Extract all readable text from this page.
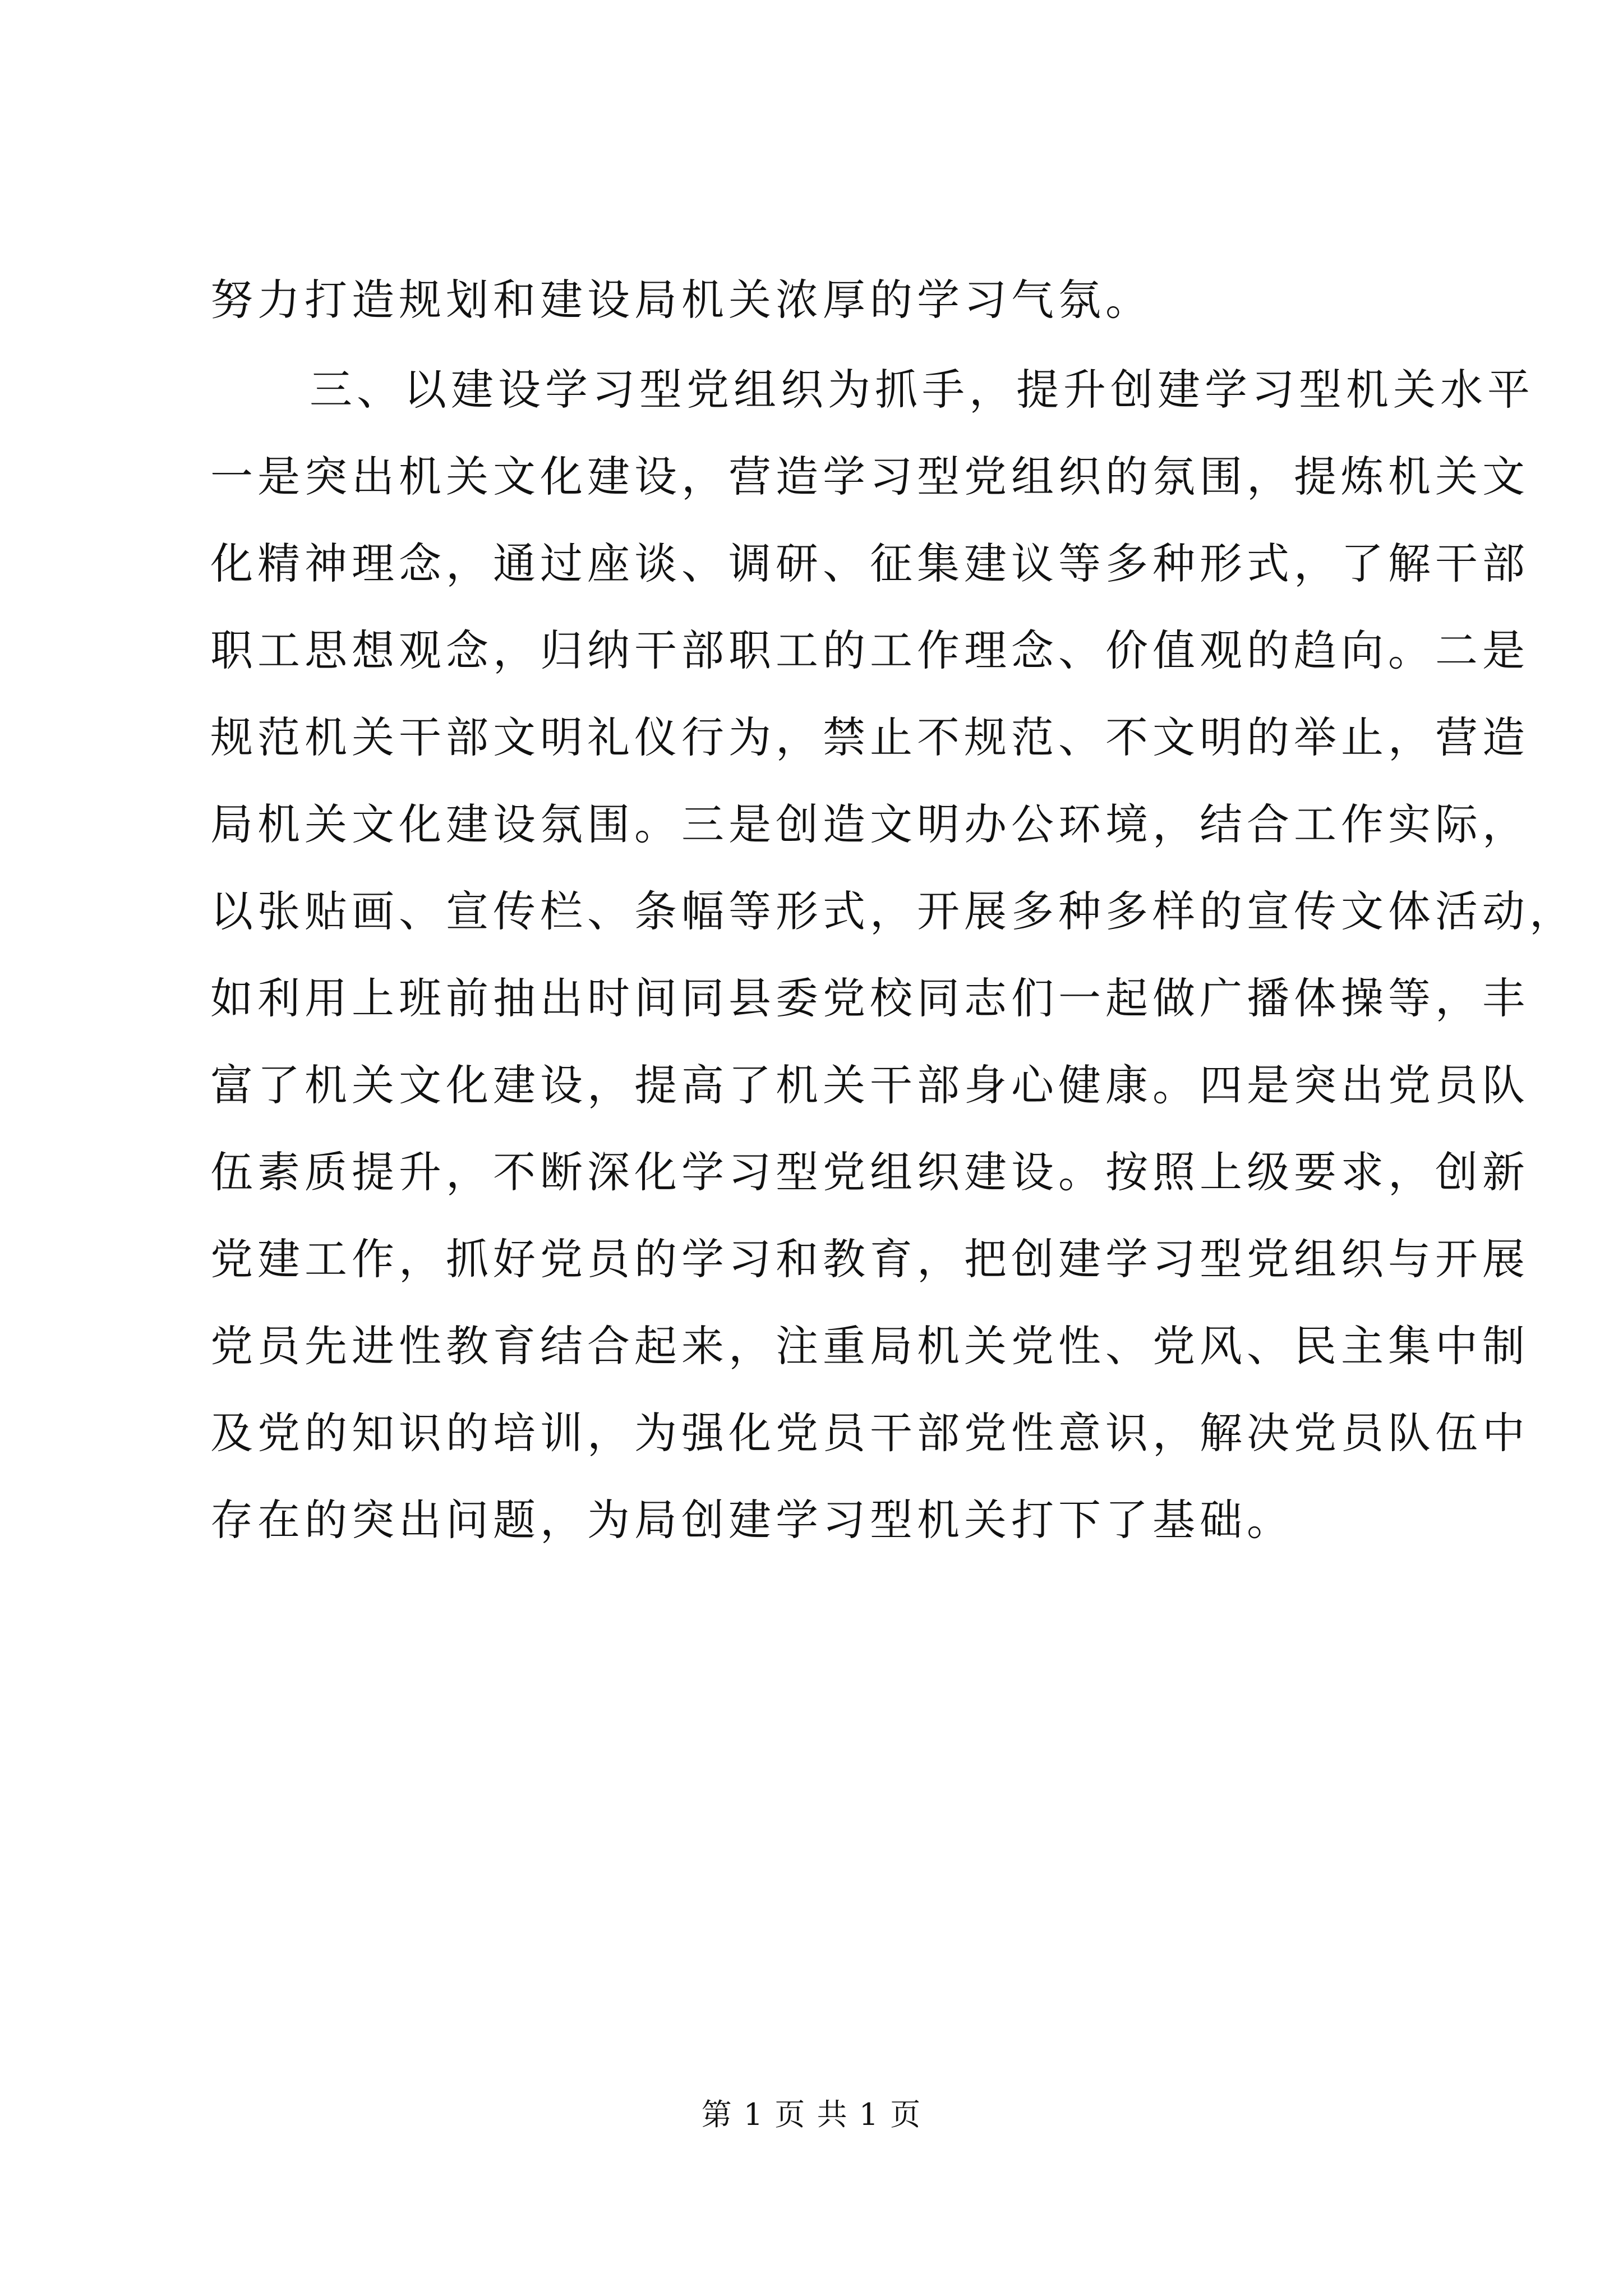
努力打造规划和建设局机关浓厚的学习气氛。
三、以建设学习型党组织为抓手，提升创建学习型机关水平
一是突出机关文化建设，营造学习型党组织的氛围，提炼机关文
化精神理念，通过座谈、调研、征集建议等多种形式，了解干部
职工思想观念，归纳干部职工的工作理念、价值观的趋向。二是
规范机关干部文明礼仪行为，禁止不规范、不文明的举止，营造
局机关文化建设氛围。三是创造文明办公环境，结合工作实际，
以张贴画、宣传栏、条幅等形式，开展多种多样的宣传文体活动，
如利用上班前抽出时间同县委党校同志们一起做广播体操等，丰
富了机关文化建设，提高了机关干部身心健康。四是突出党员队
伍素质提升，不断深化学习型党组织建设。按照上级要求，创新
党建工作，抓好党员的学习和教育，把创建学习型党组织与开展
党员先进性教育结合起来，注重局机关党性、党风、民主集中制
及党的知识的培训，为强化党员干部党性意识，解决党员队伍中
存在的突出问题，为局创建学习型机关打下了基础。
第 1 页 共 1 页
